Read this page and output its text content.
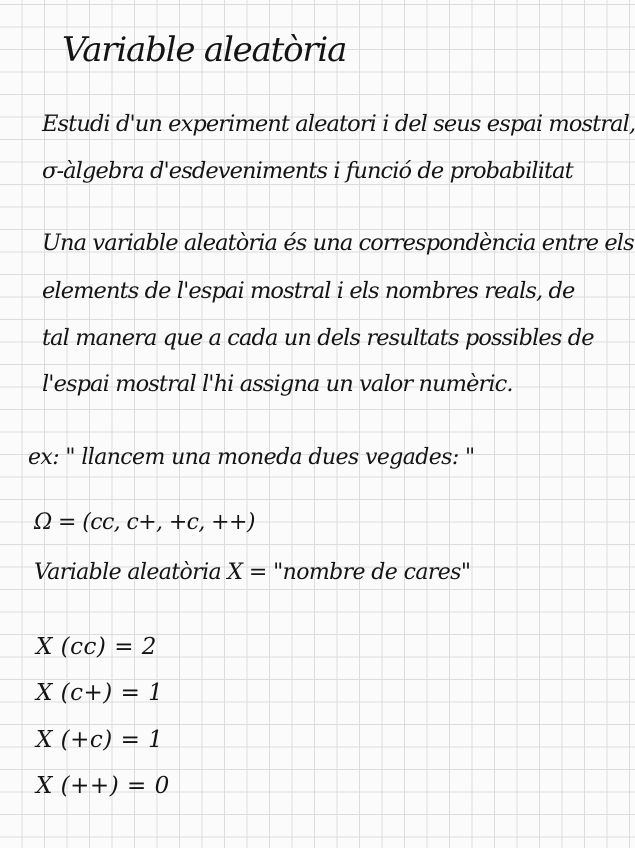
Variable aleatòria
Estudi d'un experiment aleatori i del seus espai mostral,
σ-àlgebra d'esdeveniments i funció de probabilitat
Una variable aleatòria és una correspondència entre els
elements de l'espai mostral i els nombres reals, de
tal manera que a cada un dels resultats possibles de
l'espai mostral l'hi assigna un valor numèric.
ex: " llancem una moneda dues vegades: "
Ω = (cc, c+, +c, ++)
Variable aleatòria X = "nombre de cares"
X (cc) = 2
X (c+) = 1
X (+c) = 1
X (++) = 0
